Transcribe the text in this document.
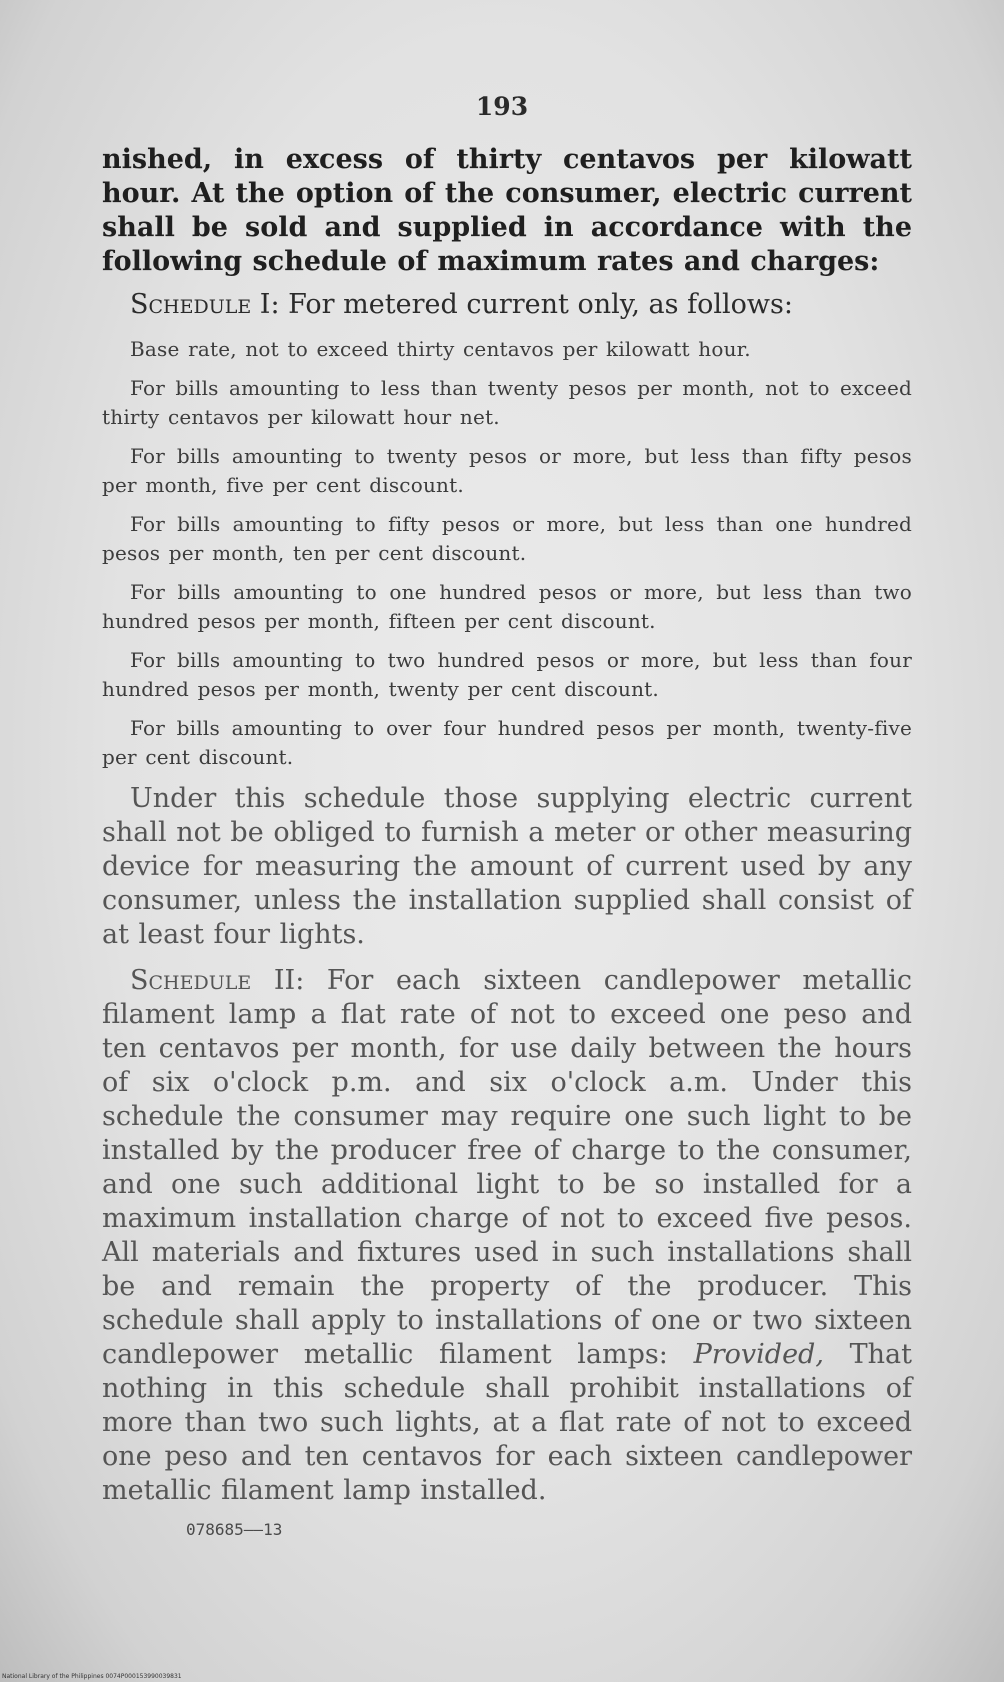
193

nished, in excess of thirty centavos per kilowatt hour. At the option of the consumer, electric current shall be sold and supplied in accordance with the following schedule of maximum rates and charges:

Schedule I: For metered current only, as follows:

Base rate, not to exceed thirty centavos per kilowatt hour.

For bills amounting to less than twenty pesos per month, not to exceed thirty centavos per kilowatt hour net.

For bills amounting to twenty pesos or more, but less than fifty pesos per month, five per cent discount.

For bills amounting to fifty pesos or more, but less than one hundred pesos per month, ten per cent discount.

For bills amounting to one hundred pesos or more, but less than two hundred pesos per month, fifteen per cent discount.

For bills amounting to two hundred pesos or more, but less than four hundred pesos per month, twenty per cent discount.

For bills amounting to over four hundred pesos per month, twenty-five per cent discount.

Under this schedule those supplying electric current shall not be obliged to furnish a meter or other measuring device for measuring the amount of current used by any consumer, unless the installation supplied shall consist of at least four lights.

Schedule II: For each sixteen candlepower metallic filament lamp a flat rate of not to exceed one peso and ten centavos per month, for use daily between the hours of six o'clock p.m. and six o'clock a.m. Under this schedule the consumer may require one such light to be installed by the producer free of charge to the consumer, and one such additional light to be so installed for a maximum installation charge of not to exceed five pesos. All materials and fixtures used in such installations shall be and remain the property of the producer. This schedule shall apply to installations of one or two sixteen candlepower metallic filament lamps: Provided, That nothing in this schedule shall prohibit installations of more than two such lights, at a flat rate of not to exceed one peso and ten centavos for each sixteen candlepower metallic filament lamp installed.

078685——13
National Library of the Philippines 0074P000153990039831
